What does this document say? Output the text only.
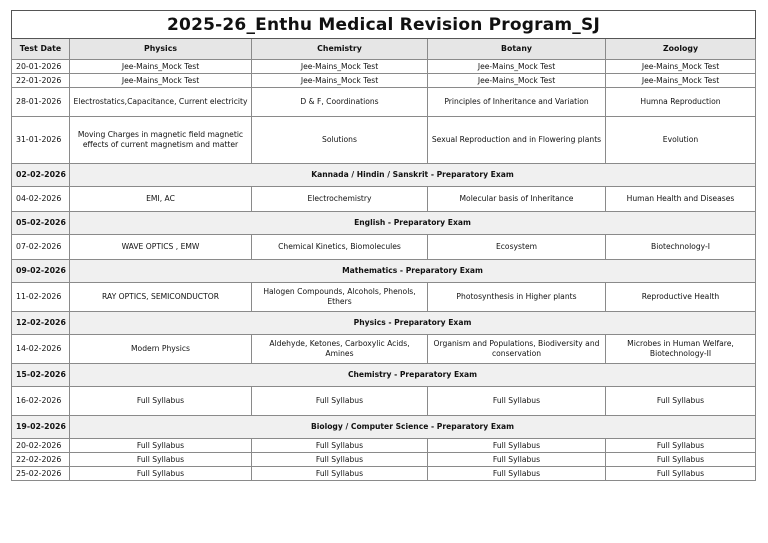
2025-26_Enthu Medical Revision Program_SJ				
Test Date	Physics	Chemistry	Botany	Zoology
20-01-2026	Jee-Mains_Mock Test	Jee-Mains_Mock Test	Jee-Mains_Mock Test	Jee-Mains_Mock Test
22-01-2026	Jee-Mains_Mock Test	Jee-Mains_Mock Test	Jee-Mains_Mock Test	Jee-Mains_Mock Test
28-01-2026	Electrostatics,Capacitance, Current electricity	D & F, Coordinations	Principles of Inheritance and Variation	Humna Reproduction
31-01-2026	Moving Charges in magnetic field magnetic effects of current magnetism and matter	Solutions	Sexual Reproduction and in Flowering plants	Evolution
02-02-2026	Kannada / Hindin / Sanskrit - Preparatory Exam			
04-02-2026	EMI, AC	Electrochemistry	Molecular basis of Inheritance	Human Health and Diseases
05-02-2026	English - Preparatory Exam			
07-02-2026	WAVE OPTICS , EMW	Chemical Kinetics, Biomolecules	Ecosystem	Biotechnology-I
09-02-2026	Mathematics - Preparatory Exam			
11-02-2026	RAY OPTICS, SEMICONDUCTOR	Halogen Compounds, Alcohols, Phenols, Ethers	Photosynthesis in Higher plants	Reproductive Health
12-02-2026	Physics - Preparatory Exam			
14-02-2026	Modern Physics	Aldehyde, Ketones, Carboxylic Acids, Amines	Organism and Populations, Biodiversity and conservation	Microbes in Human Welfare, Biotechnology-II
15-02-2026	Chemistry - Preparatory Exam			
16-02-2026	Full Syllabus	Full Syllabus	Full Syllabus	Full Syllabus
19-02-2026	Biology / Computer Science - Preparatory Exam			
20-02-2026	Full Syllabus	Full Syllabus	Full Syllabus	Full Syllabus
22-02-2026	Full Syllabus	Full Syllabus	Full Syllabus	Full Syllabus
25-02-2026	Full Syllabus	Full Syllabus	Full Syllabus	Full Syllabus
